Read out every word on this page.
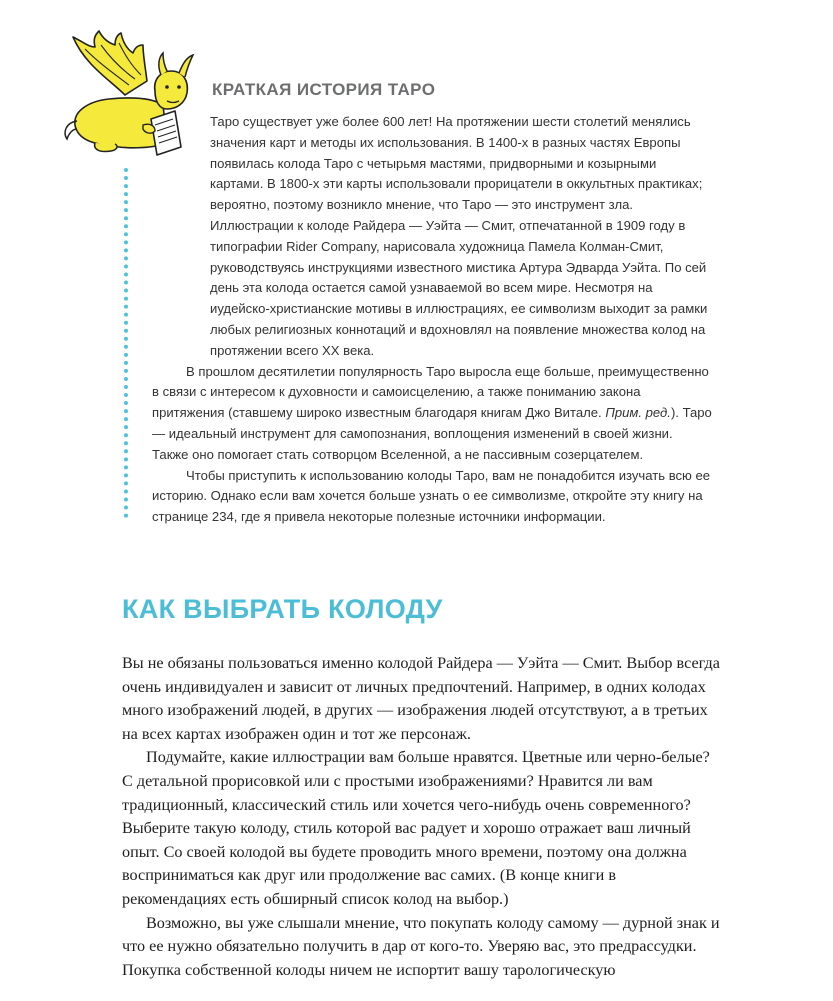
КРАТКАЯ ИСТОРИЯ ТАРО

Таро существует уже более 600 лет! На протяжении шести столетий менялись значения карт и методы их использования. В 1400-х в разных частях Европы появилась колода Таро с четырьмя мастями, придворными и козырными картами. В 1800-х эти карты использовали прорицатели в оккультных практиках; вероятно, поэтому возникло мнение, что Таро — это инструмент зла. Иллюстрации к колоде Райдера — Уэйта — Смит, отпечатанной в 1909 году в типографии Rider Company, нарисовала художница Памела Колман-Смит, руководствуясь инструкциями известного мистика Артура Эдварда Уэйта. По сей день эта колода остается самой узнаваемой во всем мире. Несмотря на иудейско-христианские мотивы в иллюстрациях, ее символизм выходит за рамки любых религиозных коннотаций и вдохновлял на появление множества колод на протяжении всего XX века.

В прошлом десятилетии популярность Таро выросла еще больше, преимущественно в связи с интересом к духовности и самоисцелению, а также пониманию закона притяжения (ставшему широко известным благодаря книгам Джо Витале. Прим. ред.). Таро — идеальный инструмент для самопознания, воплощения изменений в своей жизни. Также оно помогает стать сотворцом Вселенной, а не пассивным созерцателем.

Чтобы приступить к использованию колоды Таро, вам не понадобится изучать всю ее историю. Однако если вам хочется больше узнать о ее символизме, откройте эту книгу на странице 234, где я привела некоторые полезные источники информации.

КАК ВЫБРАТЬ КОЛОДУ

Вы не обязаны пользоваться именно колодой Райдера — Уэйта — Смит. Выбор всегда очень индивидуален и зависит от личных предпочтений. Например, в одних колодах много изображений людей, в других — изображения людей отсутствуют, а в третьих на всех картах изображен один и тот же персонаж.

Подумайте, какие иллюстрации вам больше нравятся. Цветные или черно-белые? С детальной прорисовкой или с простыми изображениями? Нравится ли вам традиционный, классический стиль или хочется чего-нибудь очень современного? Выберите такую колоду, стиль которой вас радует и хорошо отражает ваш личный опыт. Со своей колодой вы будете проводить много времени, поэтому она должна восприниматься как друг или продолжение вас самих. (В конце книги в рекомендациях есть обширный список колод на выбор.)

Возможно, вы уже слышали мнение, что покупать колоду самому — дурной знак и что ее нужно обязательно получить в дар от кого-то. Уверяю вас, это предрассудки. Покупка собственной колоды ничем не испортит вашу тарологическую
